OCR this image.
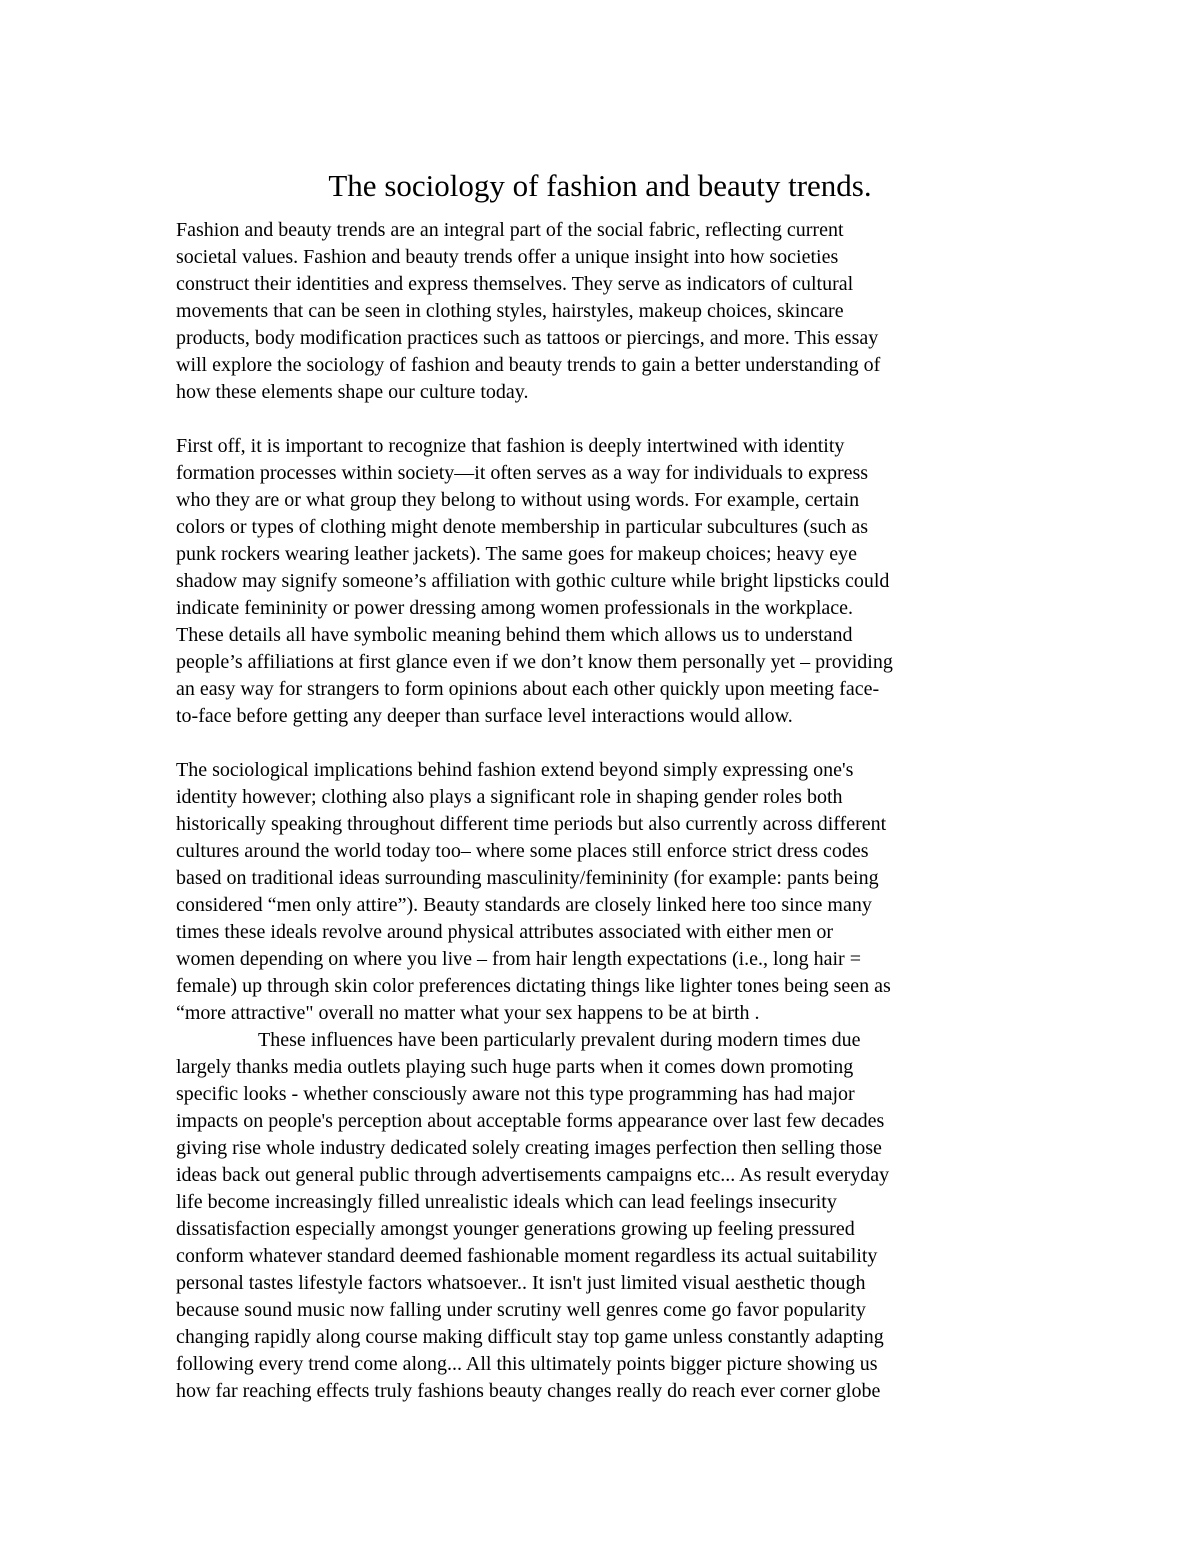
The sociology of fashion and beauty trends.

Fashion and beauty trends are an integral part of the social fabric, reflecting current
societal values. Fashion and beauty trends offer a unique insight into how societies
construct their identities and express themselves. They serve as indicators of cultural
movements that can be seen in clothing styles, hairstyles, makeup choices, skincare
products, body modification practices such as tattoos or piercings, and more. This essay
will explore the sociology of fashion and beauty trends to gain a better understanding of
how these elements shape our culture today.

First off, it is important to recognize that fashion is deeply intertwined with identity
formation processes within society—it often serves as a way for individuals to express
who they are or what group they belong to without using words. For example, certain
colors or types of clothing might denote membership in particular subcultures (such as
punk rockers wearing leather jackets). The same goes for makeup choices; heavy eye
shadow may signify someone’s affiliation with gothic culture while bright lipsticks could
indicate femininity or power dressing among women professionals in the workplace.
These details all have symbolic meaning behind them which allows us to understand
people’s affiliations at first glance even if we don’t know them personally yet – providing
an easy way for strangers to form opinions about each other quickly upon meeting face-
to-face before getting any deeper than surface level interactions would allow.

The sociological implications behind fashion extend beyond simply expressing one's
identity however; clothing also plays a significant role in shaping gender roles both
historically speaking throughout different time periods but also currently across different
cultures around the world today too– where some places still enforce strict dress codes
based on traditional ideas surrounding masculinity/femininity (for example: pants being
considered “men only attire”). Beauty standards are closely linked here too since many
times these ideals revolve around physical attributes associated with either men or
women depending on where you live – from hair length expectations (i.e., long hair =
female) up through skin color preferences dictating things like lighter tones being seen as
“more attractive" overall no matter what your sex happens to be at birth .

These influences have been particularly prevalent during modern times due
largely thanks media outlets playing such huge parts when it comes down promoting
specific looks - whether consciously aware not this type programming has had major
impacts on people's perception about acceptable forms appearance over last few decades
giving rise whole industry dedicated solely creating images perfection then selling those
ideas back out general public through advertisements campaigns etc... As result everyday
life become increasingly filled unrealistic ideals which can lead feelings insecurity
dissatisfaction especially amongst younger generations growing up feeling pressured
conform whatever standard deemed fashionable moment regardless its actual suitability
personal tastes lifestyle factors whatsoever.. It isn't just limited visual aesthetic though
because sound music now falling under scrutiny well genres come go favor popularity
changing rapidly along course making difficult stay top game unless constantly adapting
following every trend come along... All this ultimately points bigger picture showing us
how far reaching effects truly fashions beauty changes really do reach ever corner globe
